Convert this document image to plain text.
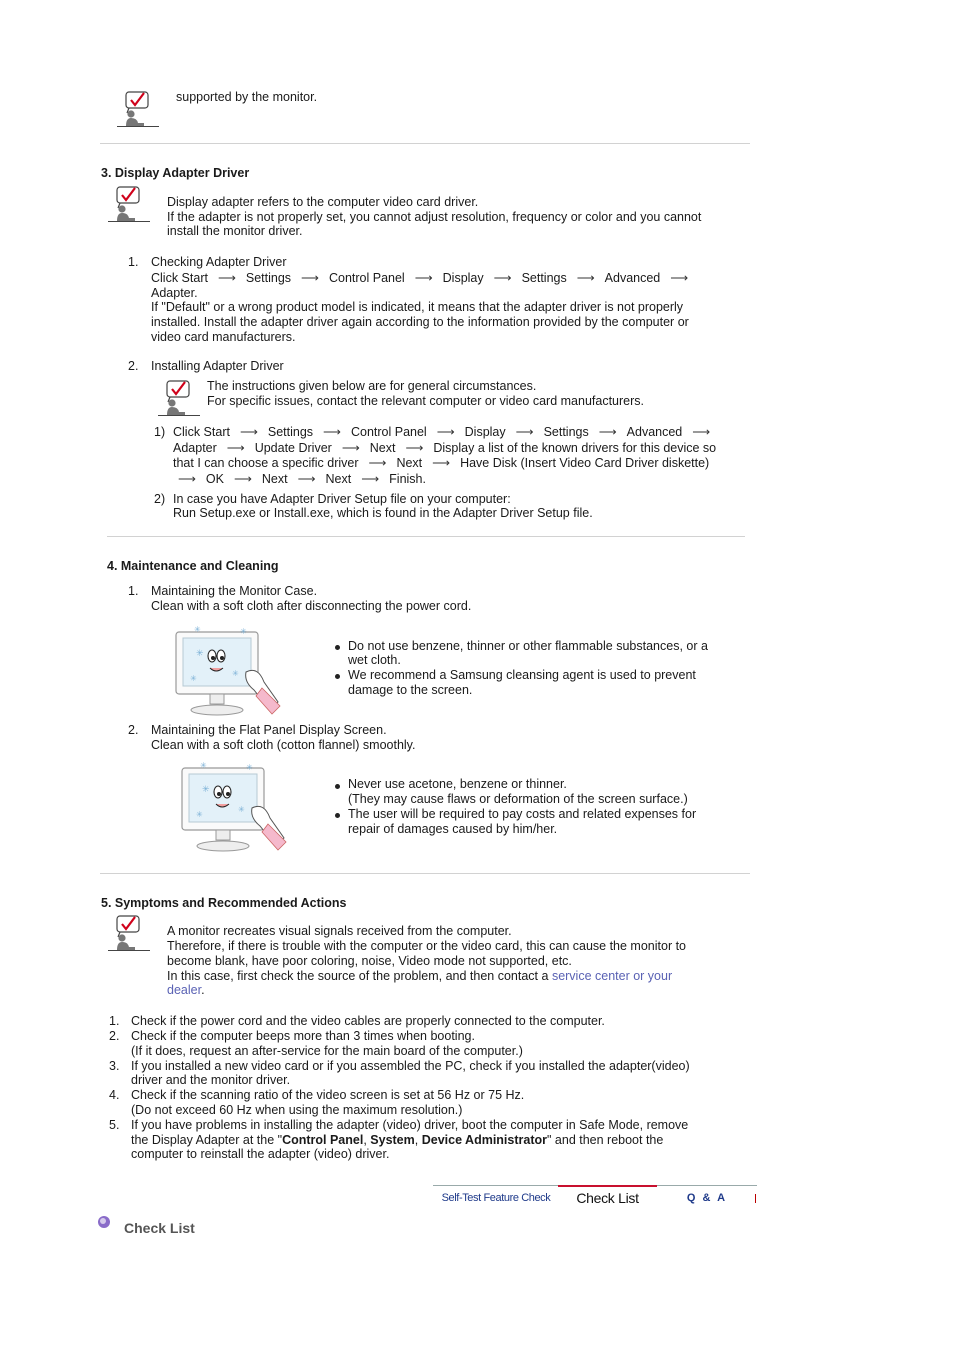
supported by the monitor.
3. Display Adapter Driver
Display adapter refers to the computer video card driver.
If the adapter is not properly set, you cannot adjust resolution, frequency or color and you cannot
install the monitor driver.
1. Checking Adapter Driver
Click Start ⟶ Settings ⟶ Control Panel ⟶ Display ⟶ Settings ⟶ Advanced ⟶
Adapter.
If "Default" or a wrong product model is indicated, it means that the adapter driver is not properly
installed. Install the adapter driver again according to the information provided by the computer or
video card manufacturers.
2. Installing Adapter Driver
The instructions given below are for general circumstances.
For specific issues, contact the relevant computer or video card manufacturers.
1) Click Start ⟶ Settings ⟶ Control Panel ⟶ Display ⟶ Settings ⟶ Advanced ⟶
Adapter ⟶ Update Driver ⟶ Next ⟶ Display a list of the known drivers for this device so
that I can choose a specific driver ⟶ Next ⟶ Have Disk (Insert Video Card Driver diskette)
⟶ OK ⟶ Next ⟶ Next ⟶ Finish.
2) In case you have Adapter Driver Setup file on your computer:
Run Setup.exe or Install.exe, which is found in the Adapter Driver Setup file.
4. Maintenance and Cleaning
1. Maintaining the Monitor Case.
Clean with a soft cloth after disconnecting the power cord.
Do not use benzene, thinner or other flammable substances, or a
wet cloth.
We recommend a Samsung cleansing agent is used to prevent
damage to the screen.
2. Maintaining the Flat Panel Display Screen.
Clean with a soft cloth (cotton flannel) smoothly.
Never use acetone, benzene or thinner.
(They may cause flaws or deformation of the screen surface.)
The user will be required to pay costs and related expenses for
repair of damages caused by him/her.
5. Symptoms and Recommended Actions
A monitor recreates visual signals received from the computer.
Therefore, if there is trouble with the computer or the video card, this can cause the monitor to
become blank, have poor coloring, noise, Video mode not supported, etc.
In this case, first check the source of the problem, and then contact a service center or your
dealer.
1. Check if the power cord and the video cables are properly connected to the computer.
2. Check if the computer beeps more than 3 times when booting.
(If it does, request an after-service for the main board of the computer.)
3. If you installed a new video card or if you assembled the PC, check if you installed the adapter(video)
driver and the monitor driver.
4. Check if the scanning ratio of the video screen is set at 56 Hz or 75 Hz.
(Do not exceed 60 Hz when using the maximum resolution.)
5. If you have problems in installing the adapter (video) driver, boot the computer in Safe Mode, remove
the Display Adapter at the "Control Panel, System, Device Administrator" and then reboot the
computer to reinstall the adapter (video) driver.
Self-Test Feature Check	Check List	Q & A
Check List
